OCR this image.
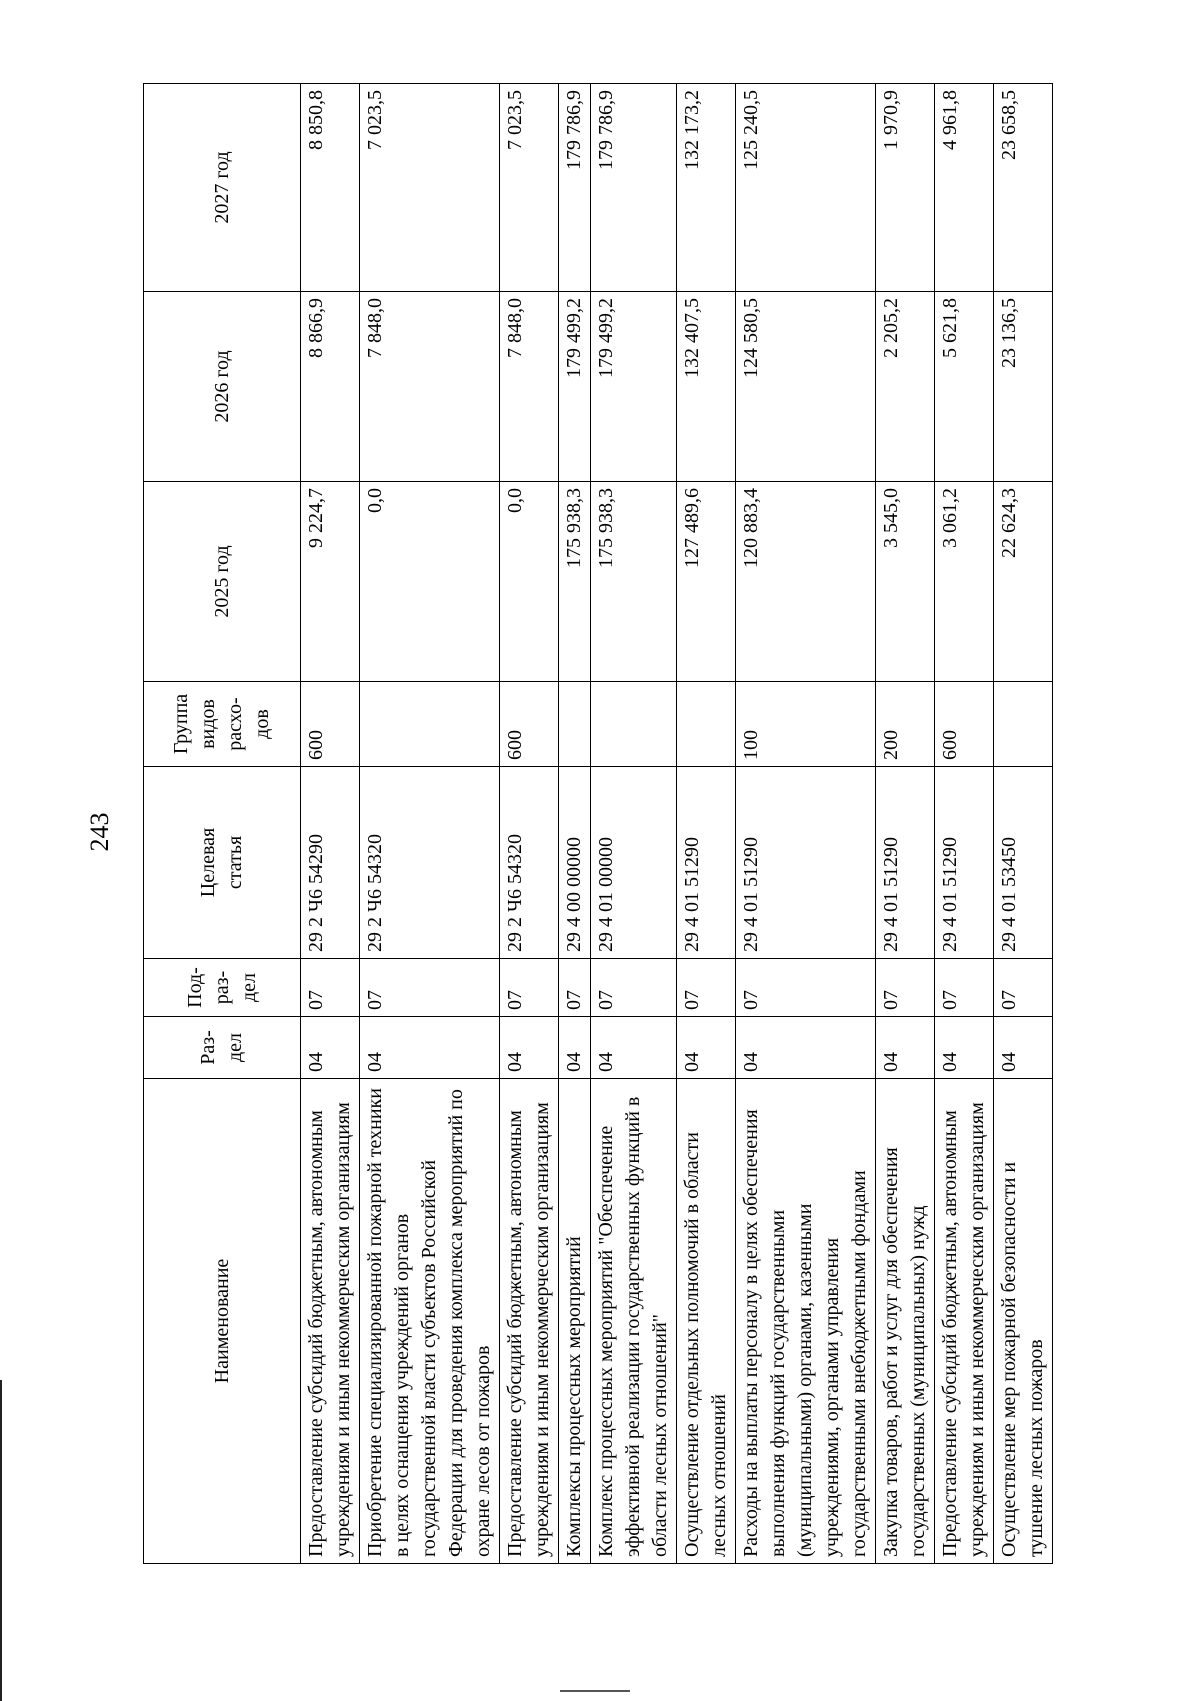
243
Наименование	Раз- дел	Под- раз- дел	Целевая статья	Группа видов расхо- дов	2025 год	2026 год	2027 год
Предоставление субсидий бюджетным, автономным учреждениям и иным некоммерческим организациям	04	07	29 2 Ч6 54290	600	9 224,7	8 866,9	8 850,8
Приобретение специализированной пожарной техники в целях оснащения учреждений органов государственной власти субъектов Российской Федерации для проведения комплекса мероприятий по охране лесов от пожаров	04	07	29 2 Ч6 54320		0,0	7 848,0	7 023,5
Предоставление субсидий бюджетным, автономным учреждениям и иным некоммерческим организациям	04	07	29 2 Ч6 54320	600	0,0	7 848,0	7 023,5
Комплексы процессных мероприятий	04	07	29 4 00 00000		175 938,3	179 499,2	179 786,9
Комплекс процессных мероприятий "Обеспечение эффективной реализации государственных функций в области лесных отношений"	04	07	29 4 01 00000		175 938,3	179 499,2	179 786,9
Осуществление отдельных полномочий в области лесных отношений	04	07	29 4 01 51290		127 489,6	132 407,5	132 173,2
Расходы на выплаты персоналу в целях обеспечения выполнения функций государственными (муниципальными) органами, казенными учреждениями, органами управления государственными внебюджетными фондами	04	07	29 4 01 51290	100	120 883,4	124 580,5	125 240,5
Закупка товаров, работ и услуг для обеспечения государственных (муниципальных) нужд	04	07	29 4 01 51290	200	3 545,0	2 205,2	1 970,9
Предоставление субсидий бюджетным, автономным учреждениям и иным некоммерческим организациям	04	07	29 4 01 51290	600	3 061,2	5 621,8	4 961,8
Осуществление мер пожарной безопасности и тушение лесных пожаров	04	07	29 4 01 53450		22 624,3	23 136,5	23 658,5
